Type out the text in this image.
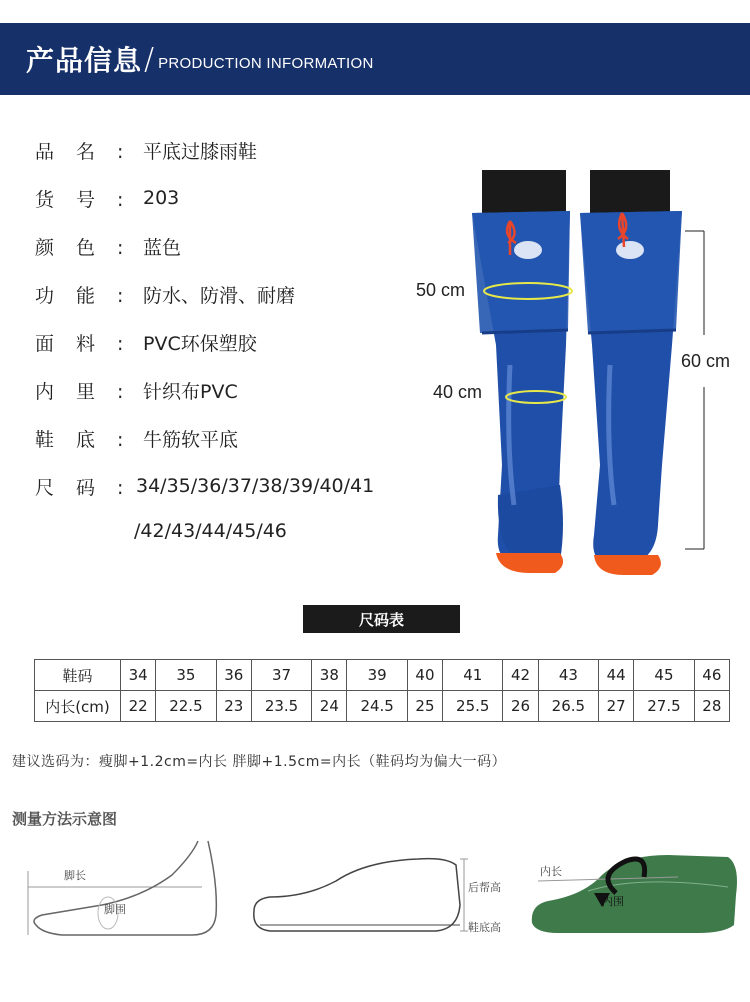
产品信息 / PRODUCTION INFORMATION
品名:
平底过膝雨鞋
货号:
203
颜色:
蓝色
功能:
防水、防滑、耐磨
面料:
PVC环保塑胶
内里:
针织布PVC
鞋底:
牛筋软平底
尺码:
34/35/36/37/38/39/40/41
/42/43/44/45/46
50 cm
40 cm
60 cm
尺码表
鞋码	34	35	36	37	38	39	40	41	42	43	44	45	46
内长(cm)	22	22.5	23	23.5	24	24.5	25	25.5	26	26.5	27	27.5	28
建议选码为：瘦脚+1.2cm=内长 胖脚+1.5cm=内长（鞋码均为偏大一码）
测量方法示意图
脚长
脚围
后帮高
鞋底高
内长
内围
